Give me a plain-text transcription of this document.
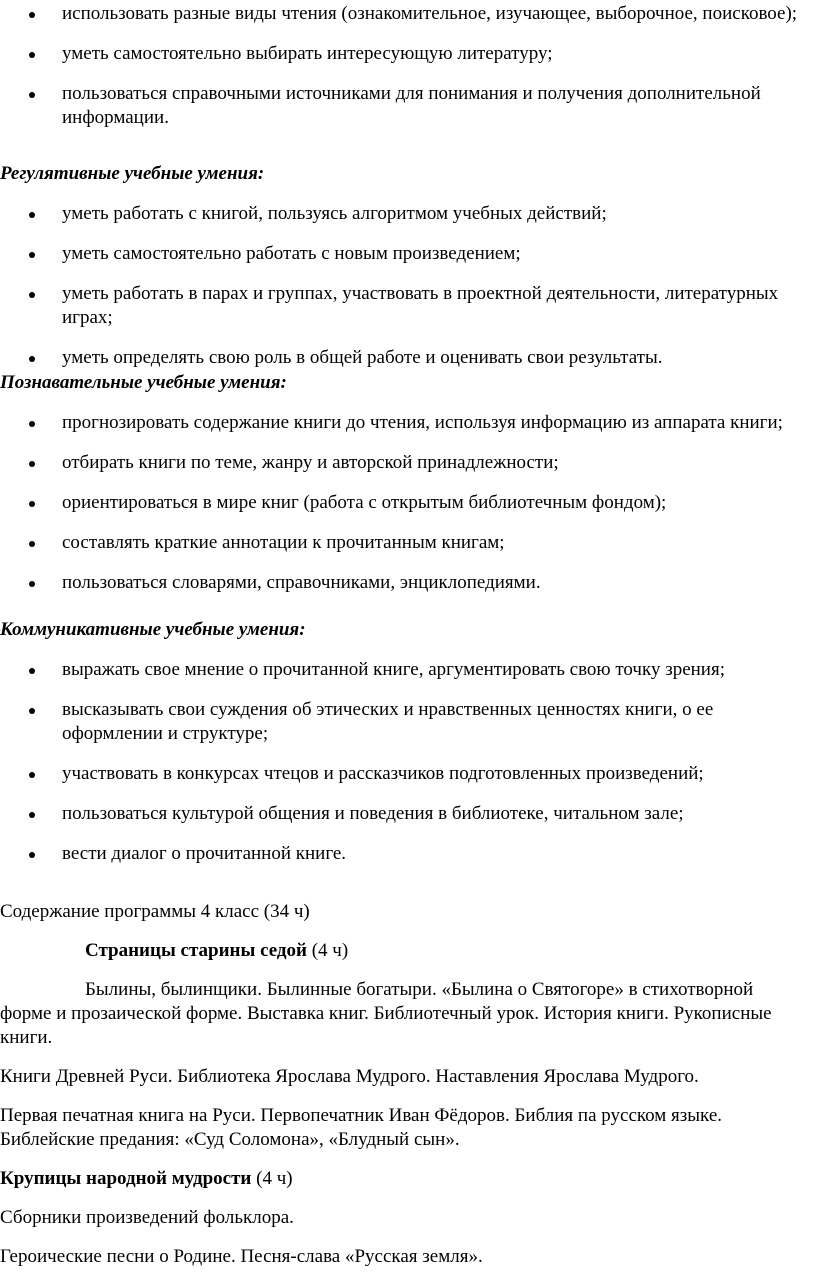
использовать разные виды чтения (ознакомительное, изучающее, выборочное, поисковое);
уметь самостоятельно выбирать интересующую литературу;
пользоваться справочными источниками для понимания и получения дополнительной информации.

Регулятивные учебные умения:

уметь работать с книгой, пользуясь алгоритмом учебных действий;
уметь самостоятельно работать с новым произведением;
уметь работать в парах и группах, участвовать в проектной деятельности, литературных играх;
уметь определять свою роль в общей работе и оценивать свои результаты.

Познавательные учебные умения:

прогнозировать содержание книги до чтения, используя информацию из аппарата книги;
отбирать книги по теме, жанру и авторской принадлежности;
ориентироваться в мире книг (работа с открытым библиотечным фондом);
составлять краткие аннотации к прочитанным книгам;
пользоваться словарями, справочниками, энциклопедиями.

Коммуникативные учебные умения:

выражать свое мнение о прочитанной книге, аргументировать свою точку зрения;
высказывать свои суждения об этических и нравственных ценностях книги, о ее оформлении и структуре;
участвовать в конкурсах чтецов и рассказчиков подготовленных произведений;
пользоваться культурой общения и поведения в библиотеке, читальном зале;
вести диалог о прочитанной книге.

Содержание программы 4 класс (34 ч)

Страницы старины седой (4 ч)

Былины, былинщики. Былинные богатыри. «Былина о Святогоре» в стихотворной форме и прозаической форме. Выставка книг. Библиотечный урок. История книги. Рукописные книги.

Книги Древней Руси. Библиотека Ярослава Мудрого. Наставления Ярослава Мудрого.

Первая печатная книга на Руси. Первопечатник Иван Фёдоров. Библия па русском языке. Библейские предания: «Суд Соломона», «Блудный сын».

Крупицы народной мудрости (4 ч)

Сборники произведений фольклора.

Героические песни о Родине. Песня-слава «Русская земля».
